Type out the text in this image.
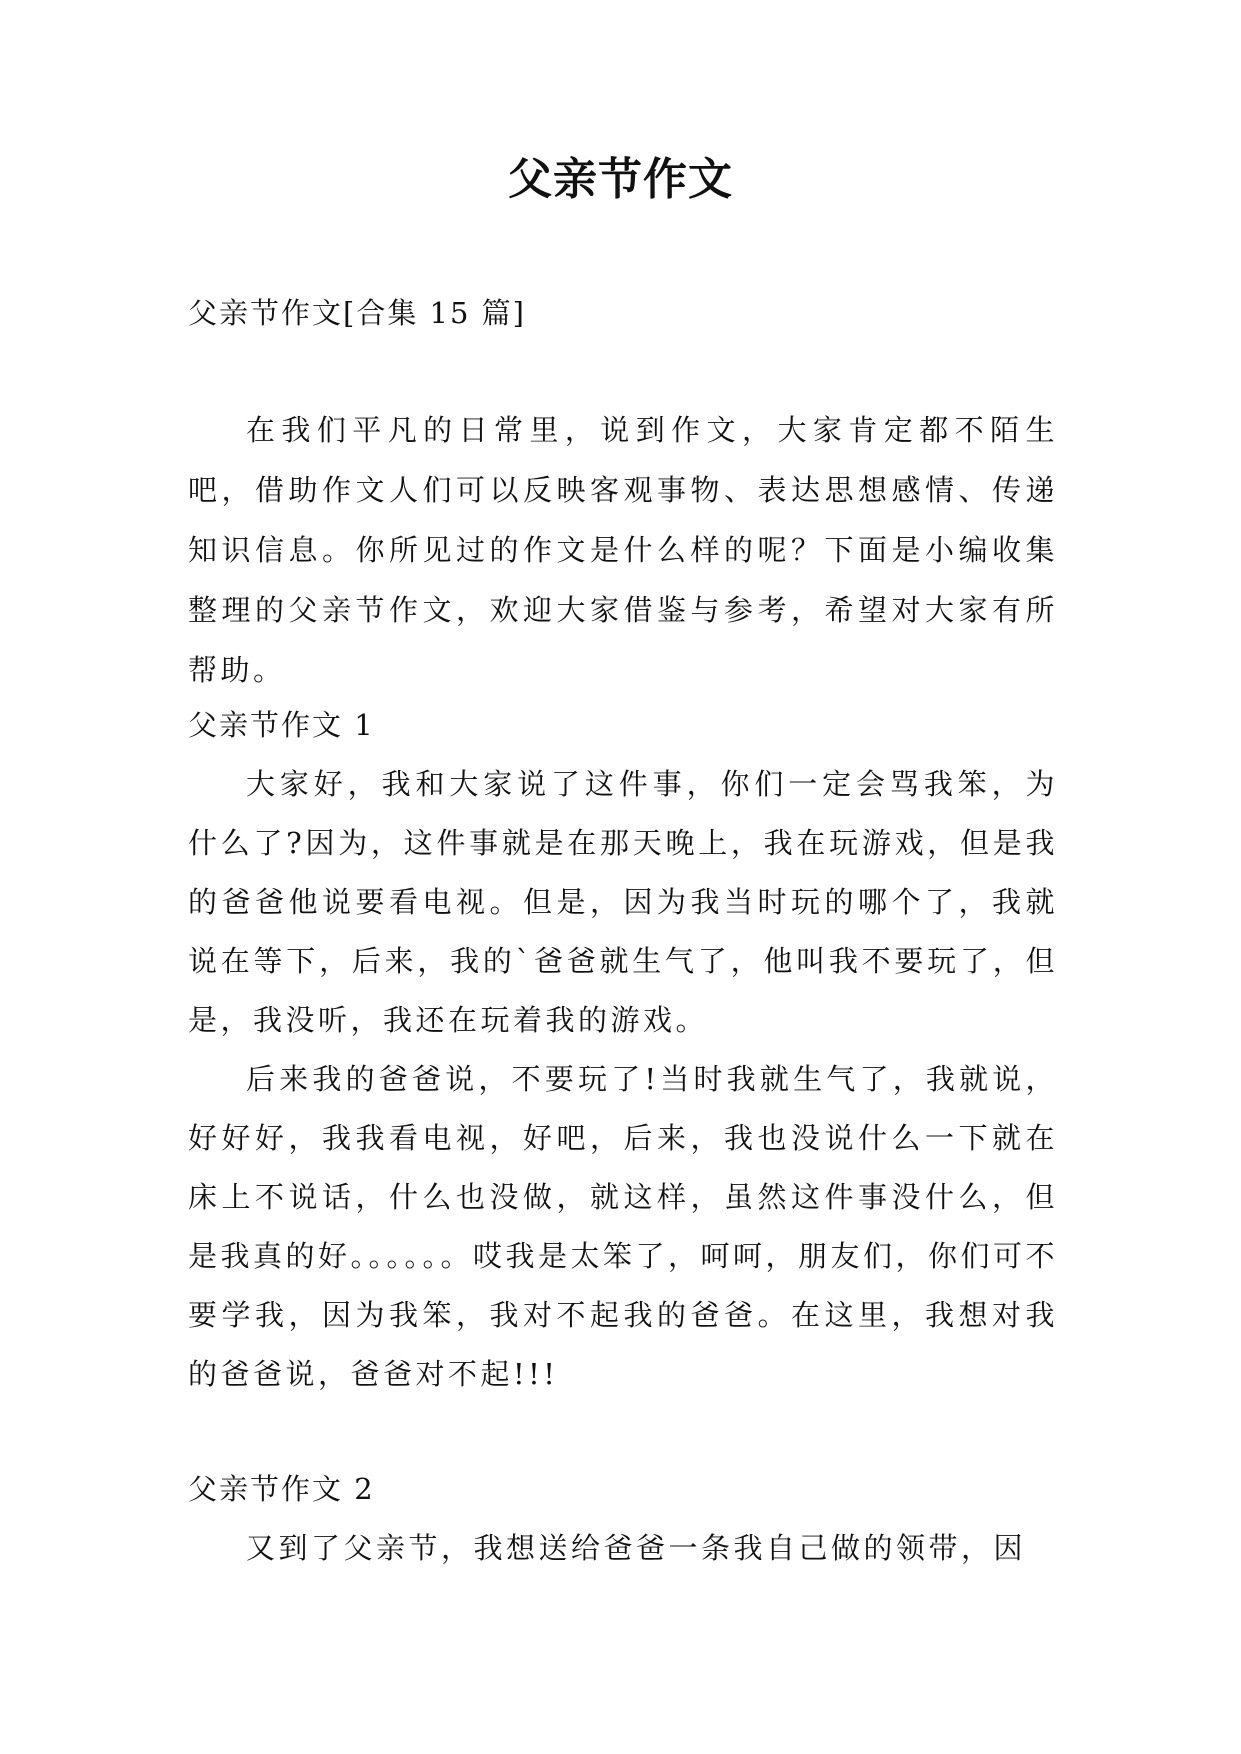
父亲节作文
父亲节作文[合集 15 篇]

在我们平凡的日常里，说到作文，大家肯定都不陌生吧，借助作文人们可以反映客观事物、表达思想感情、传递知识信息。你所见过的作文是什么样的呢？下面是小编收集整理的父亲节作文，欢迎大家借鉴与参考，希望对大家有所帮助。

父亲节作文 1

大家好，我和大家说了这件事，你们一定会骂我笨，为什么了?因为，这件事就是在那天晚上，我在玩游戏，但是我的爸爸他说要看电视。但是，因为我当时玩的哪个了，我就说在等下，后来，我的`爸爸就生气了，他叫我不要玩了，但是，我没听，我还在玩着我的游戏。

后来我的爸爸说，不要玩了!当时我就生气了，我就说，好好好，我我看电视，好吧，后来，我也没说什么一下就在床上不说话，什么也没做，就这样，虽然这件事没什么，但是我真的好。。。。。。哎我是太笨了，呵呵，朋友们，你们可不要学我，因为我笨，我对不起我的爸爸。在这里，我想对我的爸爸说，爸爸对不起!!!

父亲节作文 2

又到了父亲节，我想送给爸爸一条我自己做的领带，因
